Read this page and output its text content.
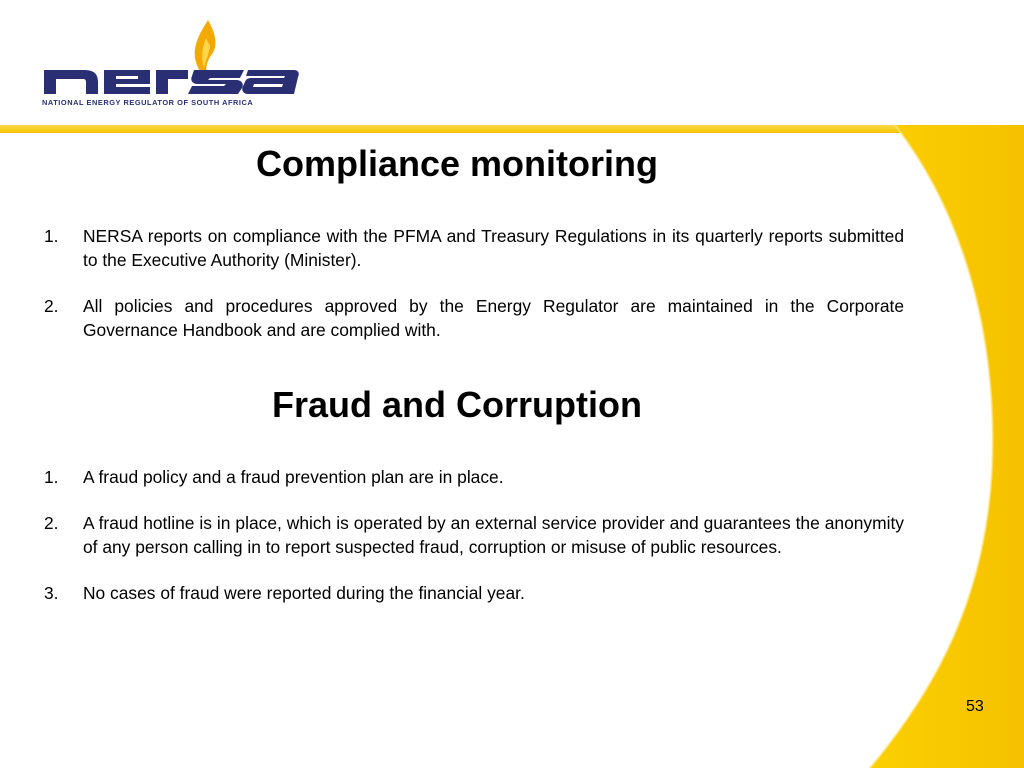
NATIONAL ENERGY REGULATOR OF SOUTH AFRICA
Compliance monitoring
1. NERSA reports on compliance with the PFMA and Treasury Regulations in its quarterly reports submitted to the Executive Authority (Minister).
2. All policies and procedures approved by the Energy Regulator are maintained in the Corporate Governance Handbook and are complied with.
Fraud and Corruption
1. A fraud policy and a fraud prevention plan are in place.
2. A fraud hotline is in place, which is operated by an external service provider and guarantees the anonymity of any person calling in to report suspected fraud, corruption or misuse of public resources.
3. No cases of fraud were reported during the financial year.
53
